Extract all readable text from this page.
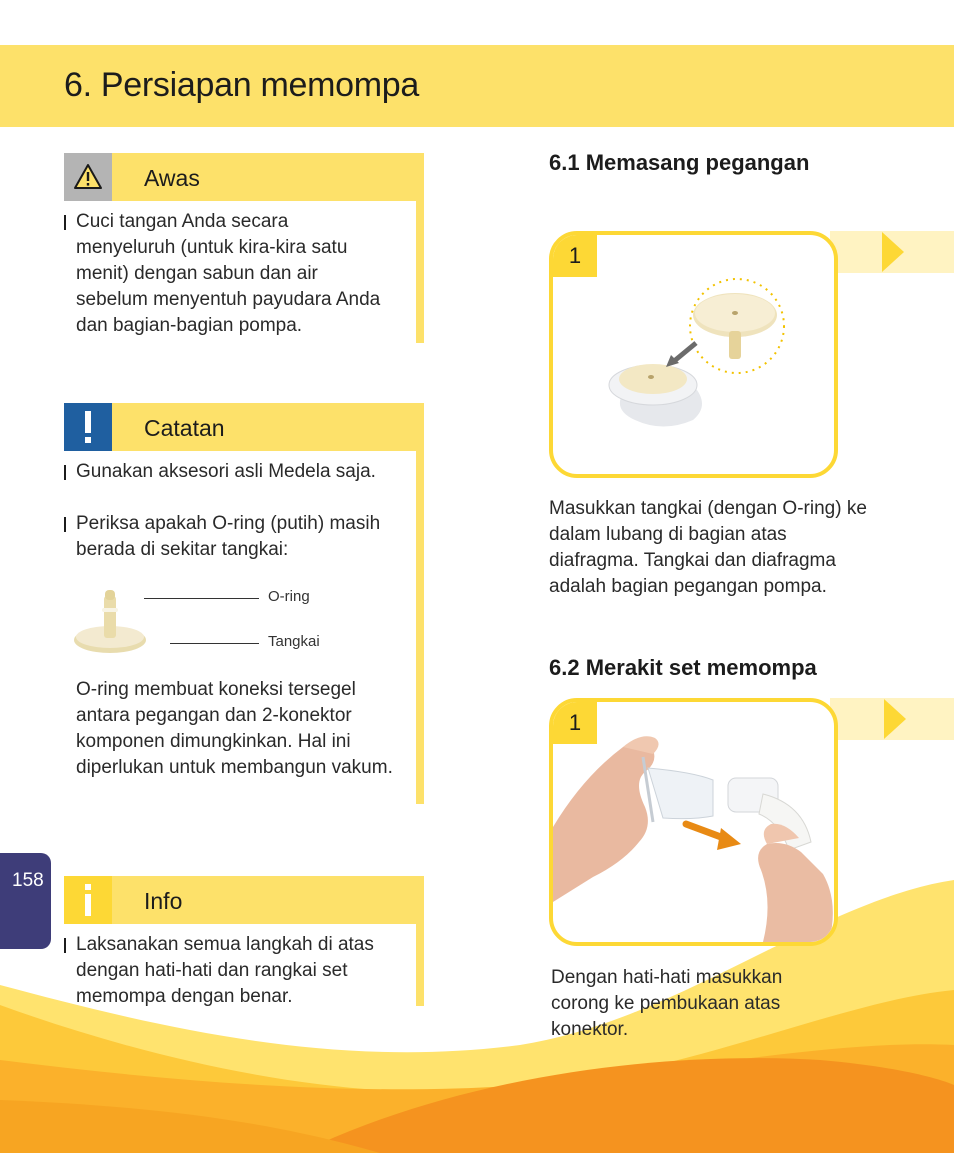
6. Persiapan memompa
Awas
Cuci tangan Anda secara menyeluruh (untuk kira-kira satu menit) dengan sabun dan air sebelum menyentuh payudara Anda dan bagian-bagian pompa.
Catatan
Gunakan aksesori asli Medela saja.
Periksa apakah O-ring (putih) masih berada di sekitar tangkai:
O-ring
Tangkai

O-ring membuat koneksi tersegel antara pegangan dan 2-konektor komponen dimungkinkan. Hal ini diperlukan untuk membangun vakum.

158
Info
Laksanakan semua langkah di atas dengan hati-hati dan rangkai set memompa dengan benar.
6.1 Memasang pegangan
1

Masukkan tangkai (dengan O-ring) ke dalam lubang di bagian atas diafragma. Tangkai dan diafragma adalah bagian pegangan pompa.

6.2 Merakit set memompa
1

Dengan hati-hati masukkan corong ke pembukaan atas konektor.
